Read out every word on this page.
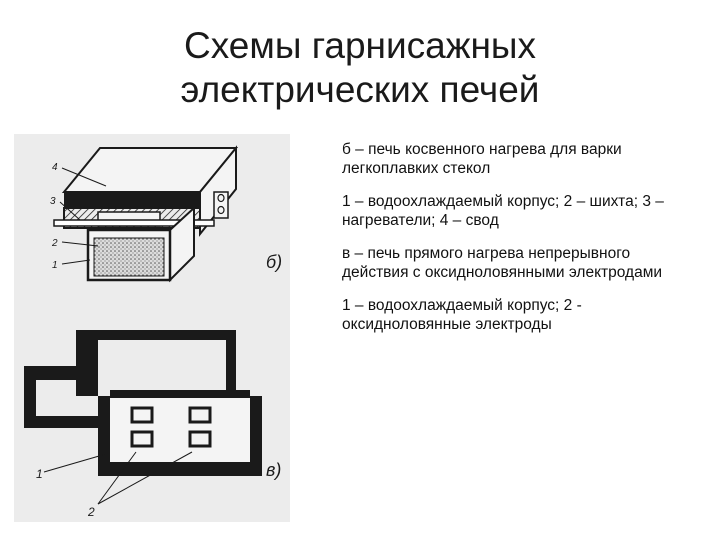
Схемы гарнисажных
электрических печей
4
3
2
1	б)
1
2
в)

б – печь косвенного нагрева для варки легкоплавких стекол

1 – водоохлаждаемый корпус; 2 – шихта; 3 – нагреватели; 4 – свод

в – печь прямого нагрева непрерывного действия с оксидноловянными электродами

1 – водоохлаждаемый корпус; 2 - оксидноловянные электроды
